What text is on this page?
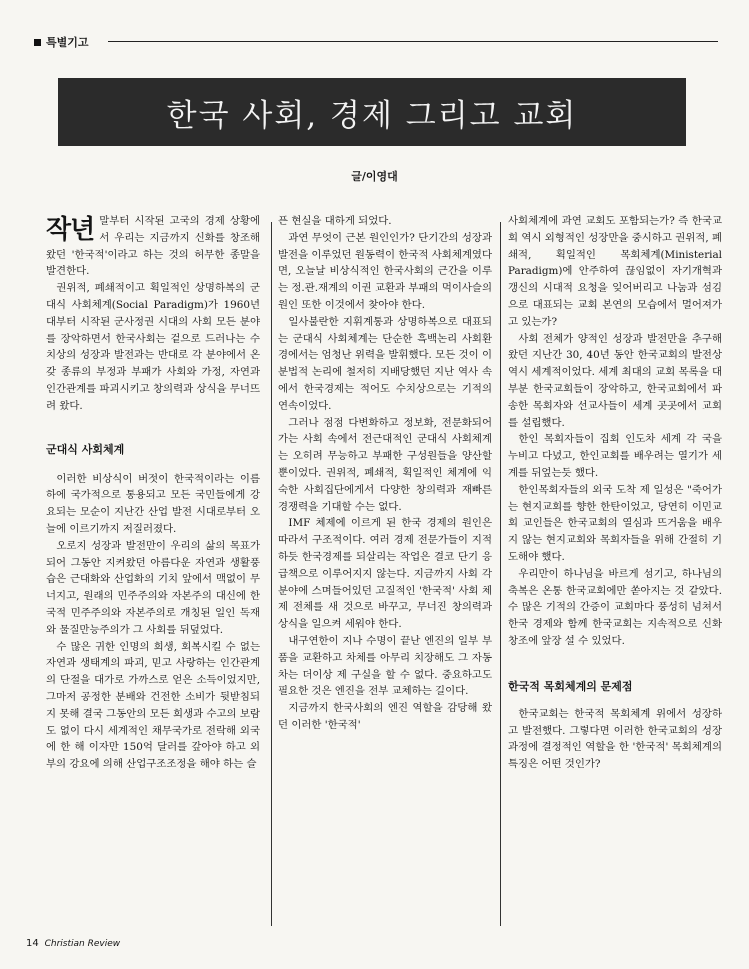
특별기고
한국 사회, 경제 그리고 교회
글/이영대

작년 말부터 시작된 고국의 경제 상황에서 우리는 지금까지 신화를 창조해왔던 '한국적'이라고 하는 것의 허무한 종말을 발견한다.

권위적, 폐쇄적이고 획일적인 상명하복의 군대식 사회체계(Social Paradigm)가 1960년 대부터 시작된 군사정권 시대의 사회 모든 분야를 장악하면서 한국사회는 겉으로 드러나는 수치상의 성장과 발전과는 반대로 각 분야에서 온갖 종류의 부정과 부패가 사회와 가정, 자연과 인간관계를 파괴시키고 창의력과 상식을 무너뜨려 왔다.

군대식 사회체계

이러한 비상식이 버젓이 한국적이라는 이름 하에 국가적으로 통용되고 모든 국민들에게 강요되는 모순이 지난간 산업 발전 시대로부터 오늘에 이르기까지 저질러졌다.

오로지 성장과 발전만이 우리의 삶의 목표가 되어 그동안 지켜왔던 아름다운 자연과 생활풍습은 근대화와 산업화의 기치 앞에서 맥없이 무너지고, 원래의 민주주의와 자본주의 대신에 한국적 민주주의와 자본주의로 개칭된 일인 독재와 물질만능주의가 그 사회를 뒤덮었다.

수 많은 귀한 인명의 희생, 회복시킬 수 없는 자연과 생태계의 파괴, 믿고 사랑하는 인간관계의 단절을 대가로 가까스로 얻은 소득이었지만, 그마저 공정한 분배와 건전한 소비가 뒷받침되지 못해 결국 그동안의 모든 희생과 수고의 보람도 없이 다시 세계적인 채무국가로 전락해 외국에 한 해 이자만 150억 달러를 갚아야 하고 외부의 강요에 의해 산업구조조정을 해야 하는 슬

픈 현실을 대하게 되었다.

과연 무엇이 근본 원인인가? 단기간의 성장과 발전을 이루었던 원동력이 한국적 사회체계였다면, 오늘날 비상식적인 한국사회의 근간을 이루는 정.관.재계의 이권 교환과 부패의 먹이사슬의 원인 또한 이것에서 찾아야 한다.

일사불란한 지휘계통과 상명하복으로 대표되는 군대식 사회체계는 단순한 흑백논리 사회환경에서는 엄청난 위력을 발휘했다. 모든 것이 이분법적 논리에 철저히 지배당했던 지난 역사 속에서 한국경제는 적어도 수치상으로는 기적의 연속이었다.

그러나 점점 다변화하고 정보화, 전문화되어 가는 사회 속에서 전근대적인 군대식 사회체계는 오히려 무능하고 부패한 구성원들을 양산할 뿐이었다. 권위적, 폐쇄적, 획일적인 체계에 익숙한 사회집단에게서 다양한 창의력과 재빠른 경쟁력을 기대할 수는 없다.

IMF 체제에 이르게 된 한국 경제의 원인은 따라서 구조적이다. 여러 경제 전문가들이 지적하듯 한국경제를 되살리는 작업은 결코 단기 응급책으로 이루어지지 않는다. 지금까지 사회 각 분야에 스며들어있던 고질적인 '한국적' 사회 체제 전체를 새 것으로 바꾸고, 무너진 창의력과 상식을 일으켜 세워야 한다.

내구연한이 지나 수명이 끝난 엔진의 일부 부품을 교환하고 차체를 아무리 치장해도 그 자동차는 더이상 제 구실을 할 수 없다. 중요하고도 필요한 것은 엔진을 전부 교체하는 길이다.

지금까지 한국사회의 엔진 역할을 감당해 왔던 이러한 '한국적'

사회체계에 과연 교회도 포함되는가? 즉 한국교회 역시 외형적인 성장만을 중시하고 권위적, 폐쇄적, 획일적인 목회체계(Ministerial Paradigm)에 안주하여 끊임없이 자기개혁과 갱신의 시대적 요청을 잊어버리고 나눔과 섬김으로 대표되는 교회 본연의 모습에서 멀어져가고 있는가?

사회 전체가 양적인 성장과 발전만을 추구해 왔던 지난간 30, 40년 동안 한국교회의 발전상 역시 세계적이었다. 세계 최대의 교회 목록을 대부분 한국교회들이 장악하고, 한국교회에서 파송한 목회자와 선교사들이 세계 곳곳에서 교회를 설립했다.

한인 목회자들이 집회 인도차 세계 각 국을 누비고 다녔고, 한인교회를 배우려는 열기가 세계를 뒤엎는듯 했다.

한인목회자들의 외국 도착 제 일성은 "죽어가는 현지교회를 향한 한탄이었고, 당연히 이민교회 교인들은 한국교회의 열심과 뜨거움을 배우지 않는 현지교회와 목회자들을 위해 간절히 기도해야 했다.

우리만이 하나님을 바르게 섬기고, 하나님의 축복은 온통 한국교회에만 쏟아지는 것 같았다. 수 많은 기적의 간증이 교회마다 풍성히 넘쳐서 한국 경제와 함께 한국교회는 지속적으로 신화창조에 앞장 설 수 있었다.

한국적 목회체계의 문제점

한국교회는 한국적 목회체계 위에서 성장하고 발전했다. 그렇다면 이러한 한국교회의 성장과정에 결정적인 역할을 한 '한국적' 목회체계의 특징은 어떤 것인가?

14 Christian Review
